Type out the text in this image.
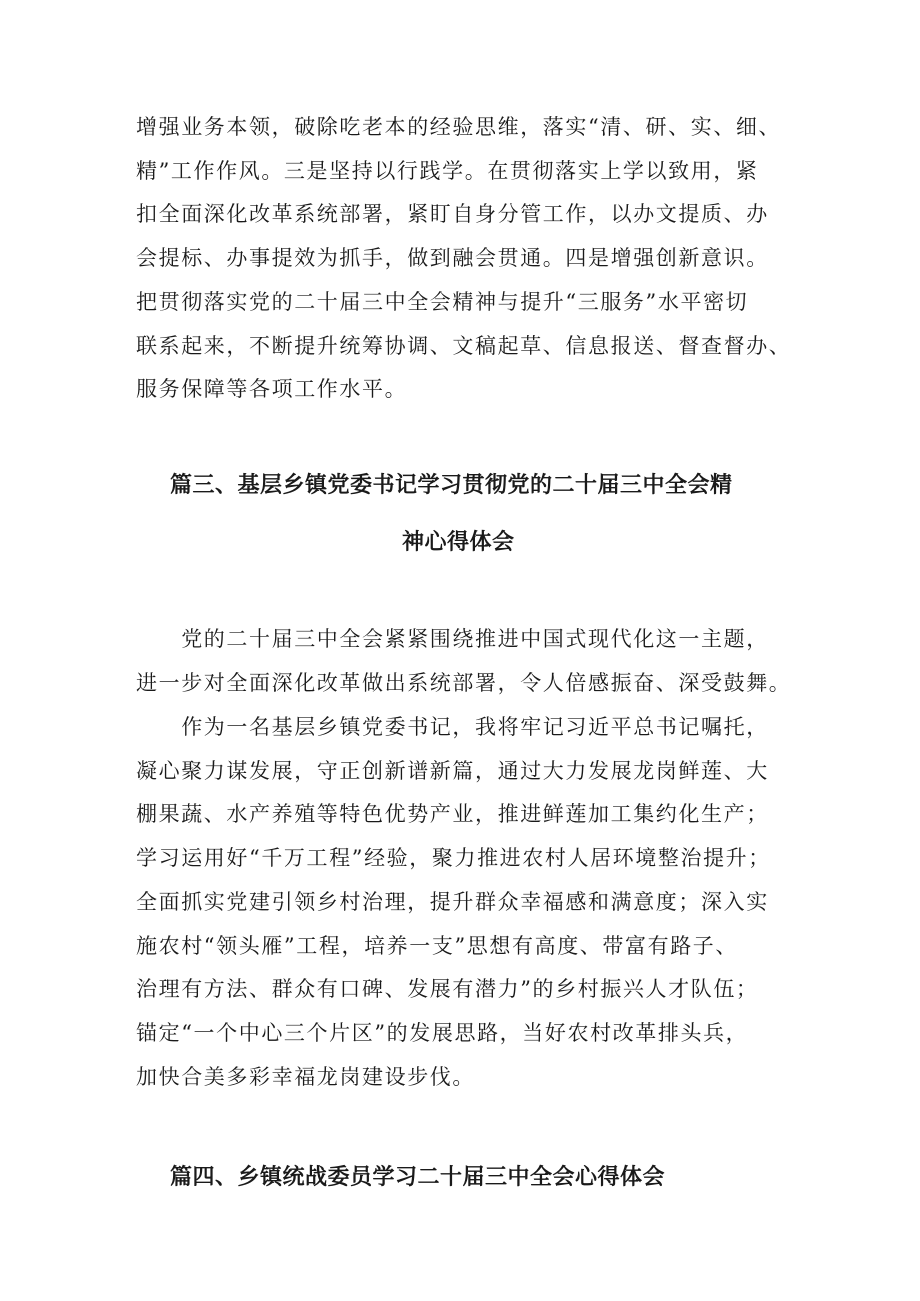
增强业务本领，破除吃老本的经验思维，落实“清、研、实、细、
精”工作作风。三是坚持以行践学。在贯彻落实上学以致用，紧
扣全面深化改革系统部署，紧盯自身分管工作，以办文提质、办
会提标、办事提效为抓手，做到融会贯通。四是增强创新意识。
把贯彻落实党的二十届三中全会精神与提升“三服务”水平密切
联系起来，不断提升统筹协调、文稿起草、信息报送、督查督办、
服务保障等各项工作水平。

篇三、基层乡镇党委书记学习贯彻党的二十届三中全会精
神心得体会

　　党的二十届三中全会紧紧围绕推进中国式现代化这一主题，
进一步对全面深化改革做出系统部署，令人倍感振奋、深受鼓舞。

　　作为一名基层乡镇党委书记，我将牢记习近平总书记嘱托，
凝心聚力谋发展，守正创新谱新篇，通过大力发展龙岗鲜莲、大
棚果蔬、水产养殖等特色优势产业，推进鲜莲加工集约化生产；
学习运用好“千万工程”经验，聚力推进农村人居环境整治提升；
全面抓实党建引领乡村治理，提升群众幸福感和满意度；深入实
施农村“领头雁”工程，培养一支”思想有高度、带富有路子、
治理有方法、群众有口碑、发展有潜力”的乡村振兴人才队伍；
锚定“一个中心三个片区”的发展思路，当好农村改革排头兵，
加快合美多彩幸福龙岗建设步伐。

篇四、乡镇统战委员学习二十届三中全会心得体会
